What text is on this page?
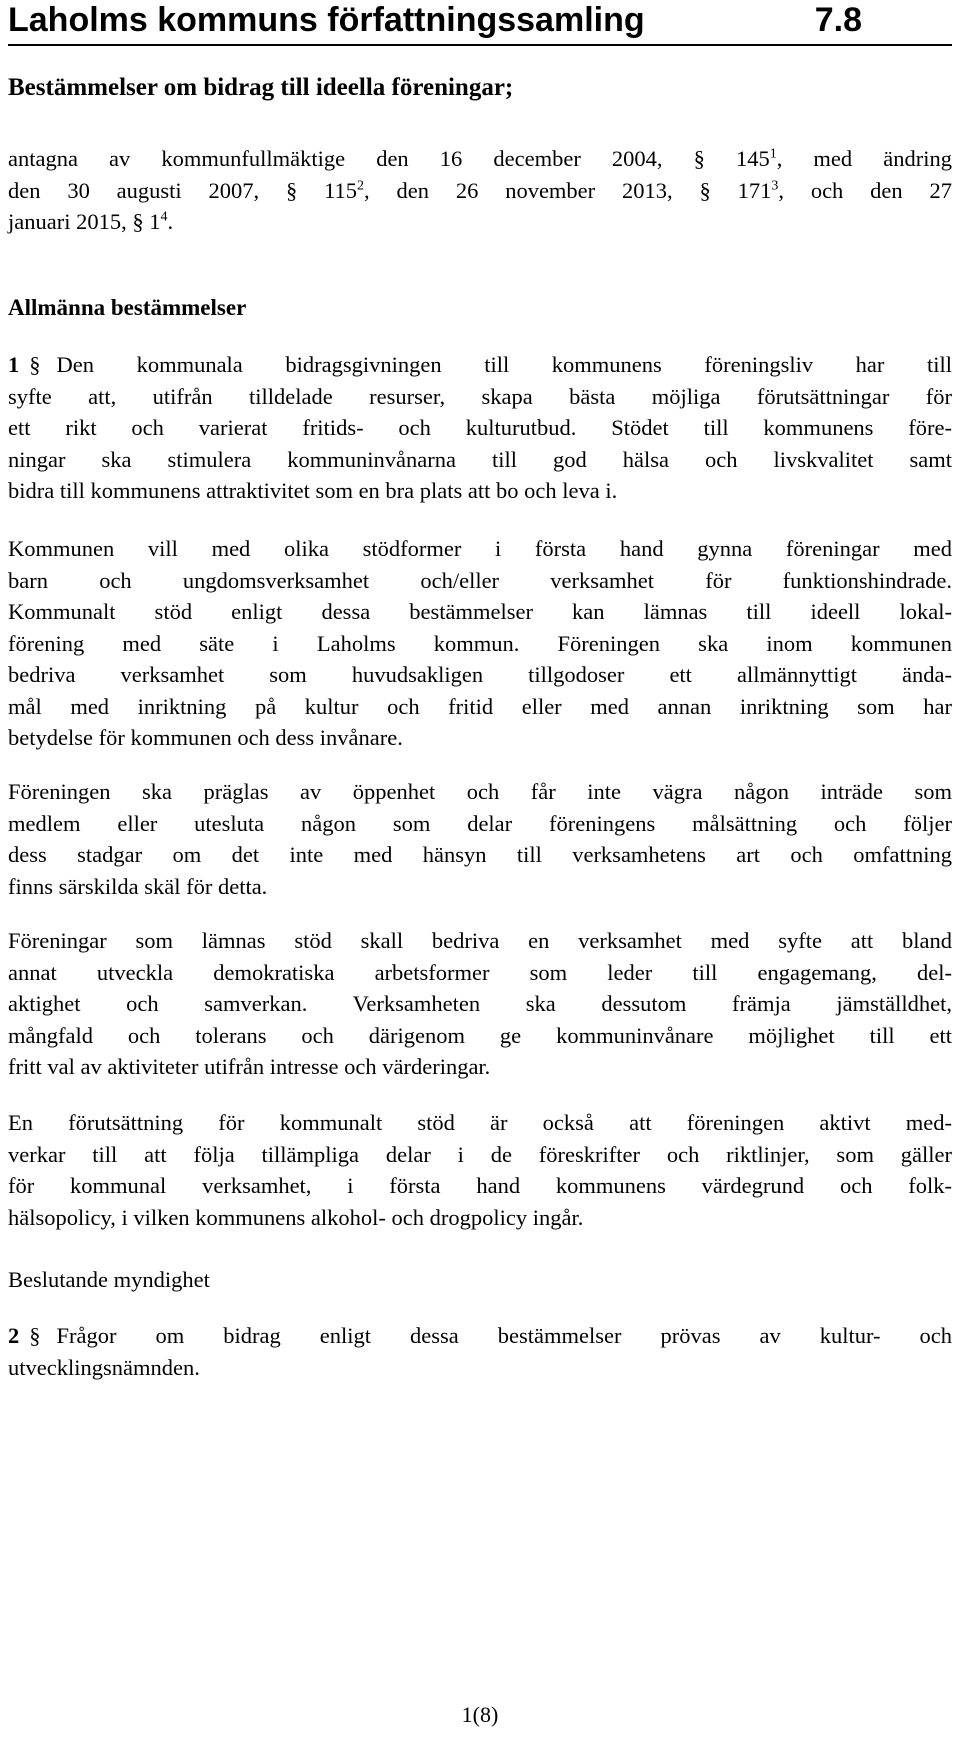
Laholms kommuns författningssamling	7.8
Bestämmelser om bidrag till ideella föreningar;
antagna av kommunfullmäktige den 16 december 2004, § $145^1$, med ändring
den 30 augusti 2007, § $115^2$, den 26 november 2013, § $171^3$, och den 27
januari 2015, § $1^4$.
Allmänna bestämmelser
1 § Den kommunala bidragsgivningen till kommunens föreningsliv har till
syfte att, utifrån tilldelade resurser, skapa bästa möjliga förutsättningar för
ett rikt och varierat fritids- och kulturutbud. Stödet till kommunens före-
ningar ska stimulera kommuninvånarna till god hälsa och livskvalitet samt
bidra till kommunens attraktivitet som en bra plats att bo och leva i.
Kommunen vill med olika stödformer i första hand gynna föreningar med
barn och ungdomsverksamhet och/eller verksamhet för funktionshindrade.
Kommunalt stöd enligt dessa bestämmelser kan lämnas till ideell lokal-
förening med säte i Laholms kommun. Föreningen ska inom kommunen
bedriva verksamhet som huvudsakligen tillgodoser ett allmännyttigt ända-
mål med inriktning på kultur och fritid eller med annan inriktning som har
betydelse för kommunen och dess invånare.
Föreningen ska präglas av öppenhet och får inte vägra någon inträde som
medlem eller utesluta någon som delar föreningens målsättning och följer
dess stadgar om det inte med hänsyn till verksamhetens art och omfattning
finns särskilda skäl för detta.
Föreningar som lämnas stöd skall bedriva en verksamhet med syfte att bland
annat utveckla demokratiska arbetsformer som leder till engagemang, del-
aktighet och samverkan. Verksamheten ska dessutom främja jämställdhet,
mångfald och tolerans och därigenom ge kommuninvånare möjlighet till ett
fritt val av aktiviteter utifrån intresse och värderingar.
En förutsättning för kommunalt stöd är också att föreningen aktivt med-
verkar till att följa tillämpliga delar i de föreskrifter och riktlinjer, som gäller
för kommunal verksamhet, i första hand kommunens värdegrund och folk-
hälsopolicy, i vilken kommunens alkohol- och drogpolicy ingår.
Beslutande myndighet
2 § Frågor om bidrag enligt dessa bestämmelser prövas av kultur- och
utvecklingsnämnden.
1(8)
